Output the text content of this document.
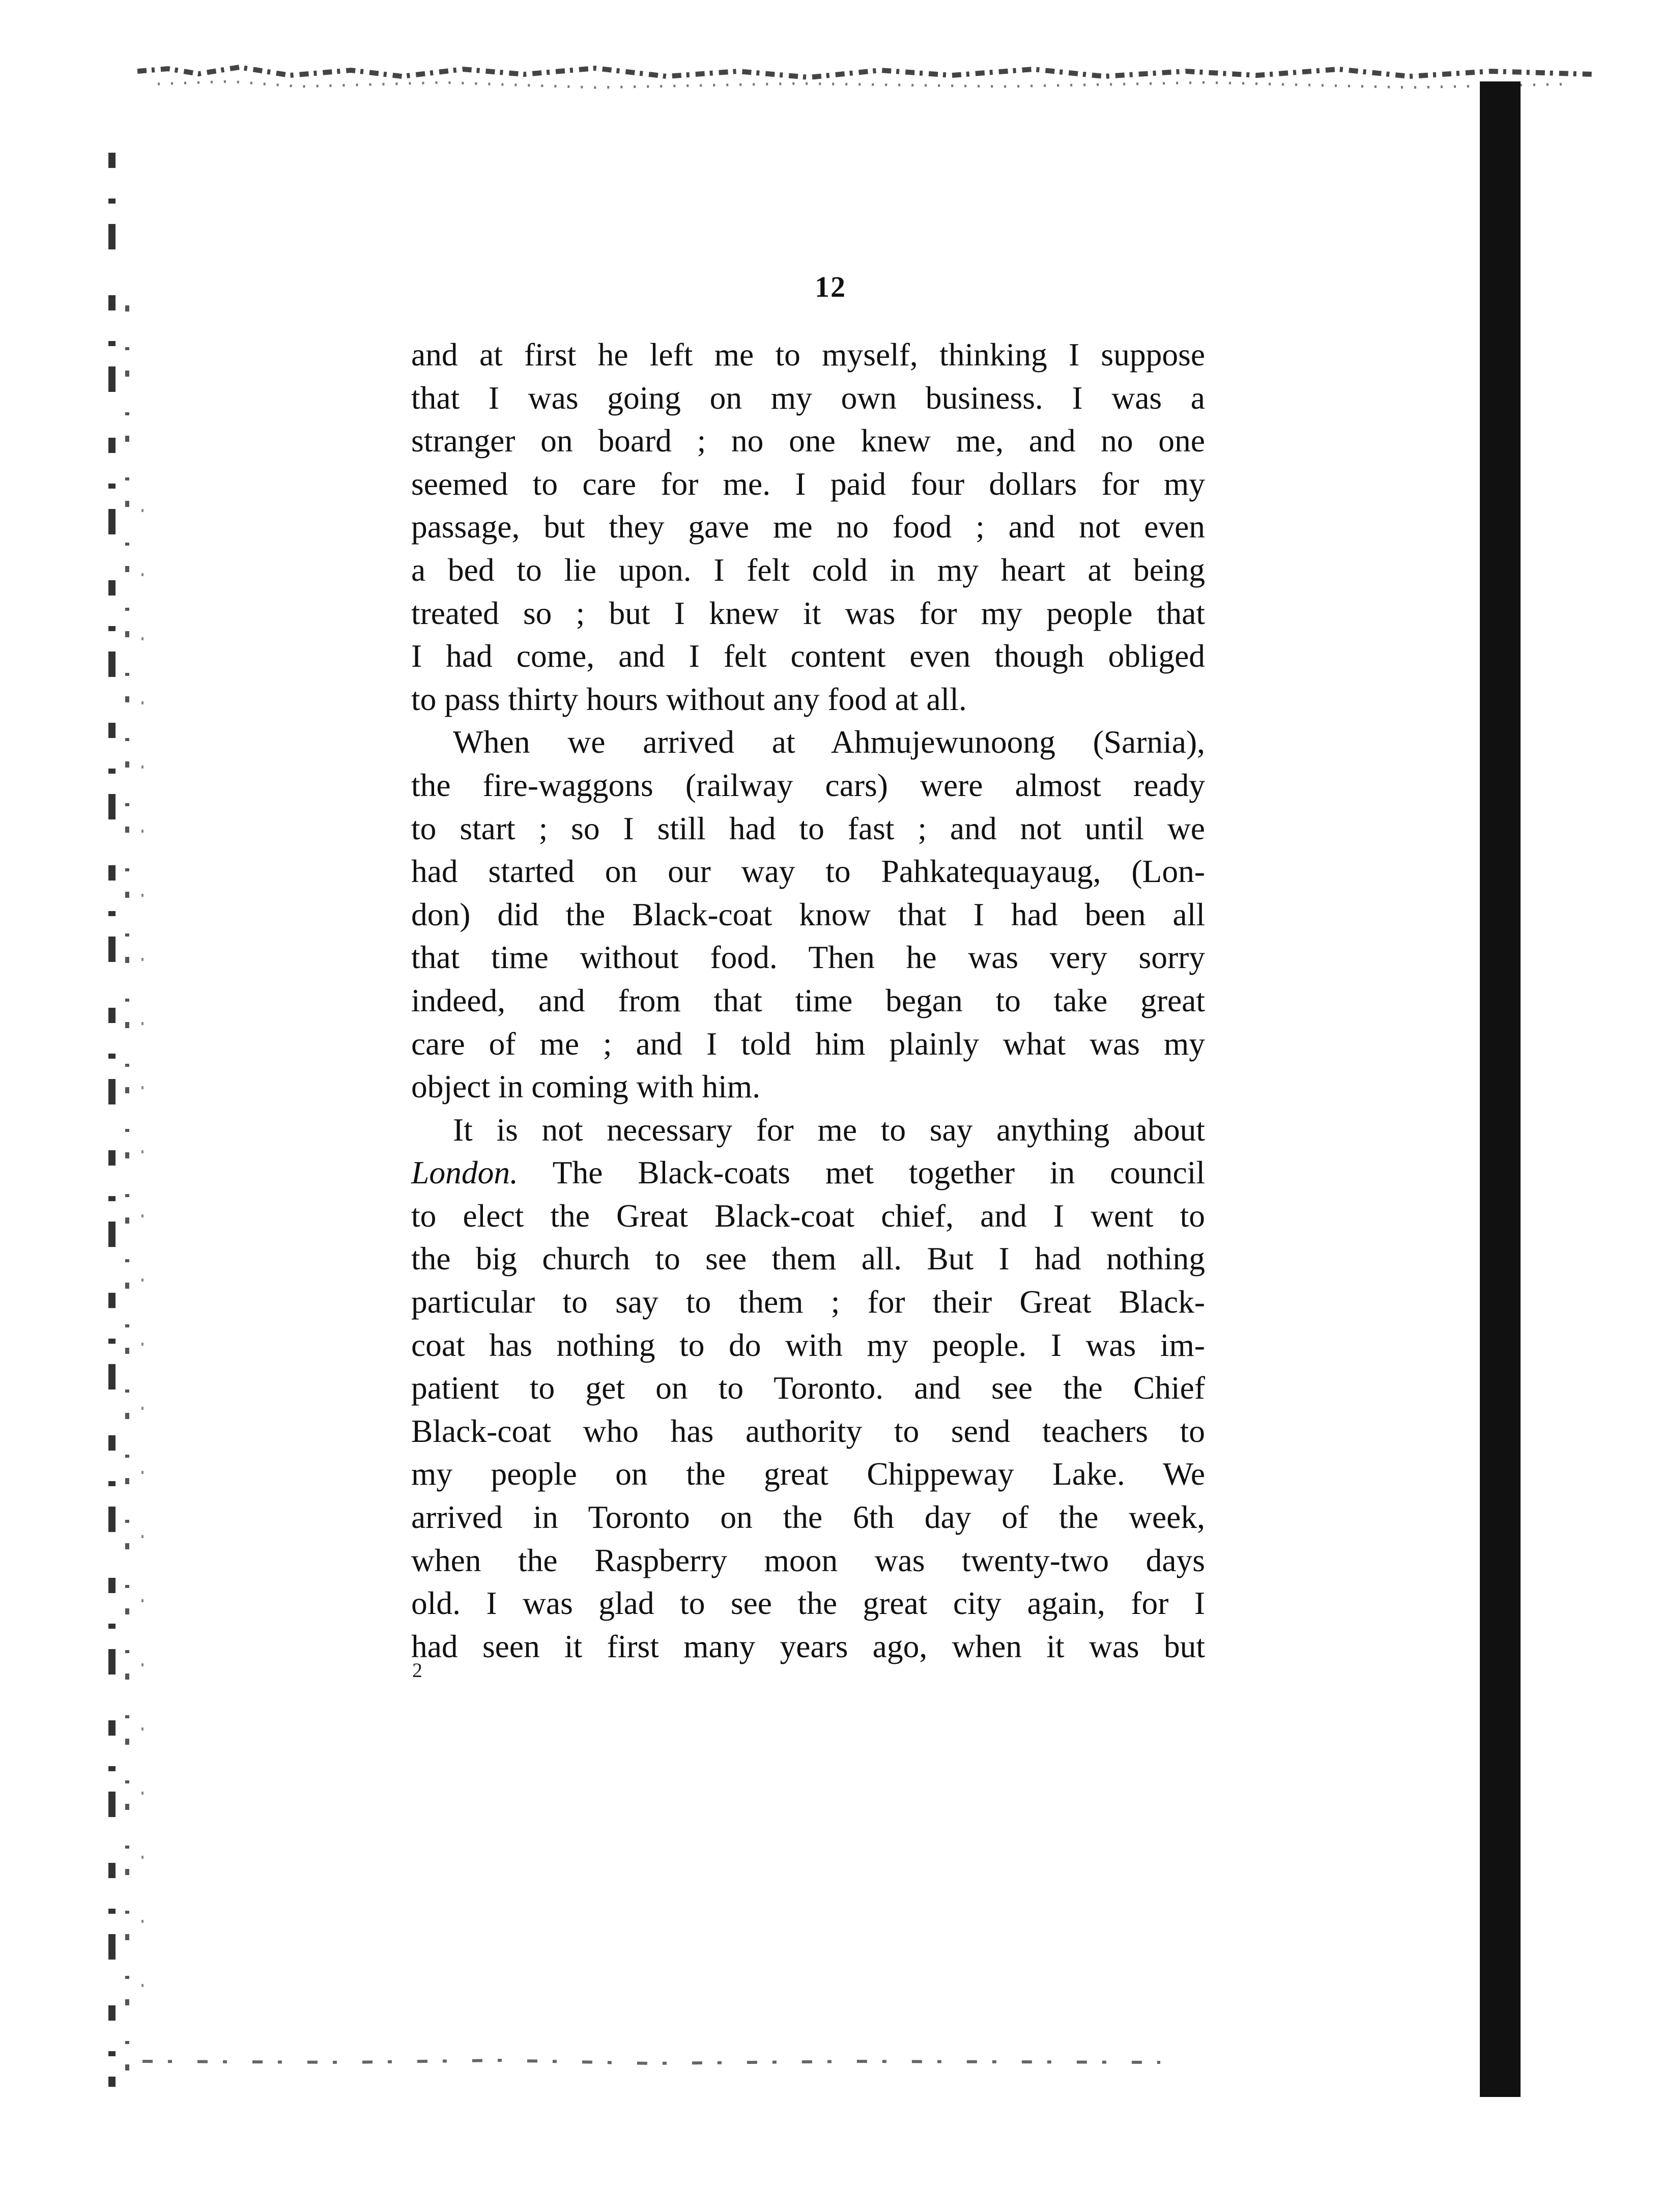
12
and at first he left me to myself, thinking I suppose
that I was going on my own business. I was a
stranger on board ; no one knew me, and no one
seemed to care for me. I paid four dollars for my
passage, but they gave me no food ; and not even
a bed to lie upon. I felt cold in my heart at being
treated so ; but I knew it was for my people that
I had come, and I felt content even though obliged
to pass thirty hours without any food at all.
When we arrived at Ahmujewunoong (Sarnia),
the fire-waggons (railway cars) were almost ready
to start ; so I still had to fast ; and not until we
had started on our way to Pahkatequayaug, (Lon-
don) did the Black-coat know that I had been all
that time without food. Then he was very sorry
indeed, and from that time began to take great
care of me ; and I told him plainly what was my
object in coming with him.
It is not necessary for me to say anything about
London. The Black-coats met together in council
to elect the Great Black-coat chief, and I went to
the big church to see them all. But I had nothing
particular to say to them ; for their Great Black-
coat has nothing to do with my people. I was im-
patient to get on to Toronto. and see the Chief
Black-coat who has authority to send teachers to
my people on the great Chippeway Lake. We
arrived in Toronto on the 6th day of the week,
when the Raspberry moon was twenty-two days
old. I was glad to see the great city again, for I
had seen it first many years ago, when it was but
2
